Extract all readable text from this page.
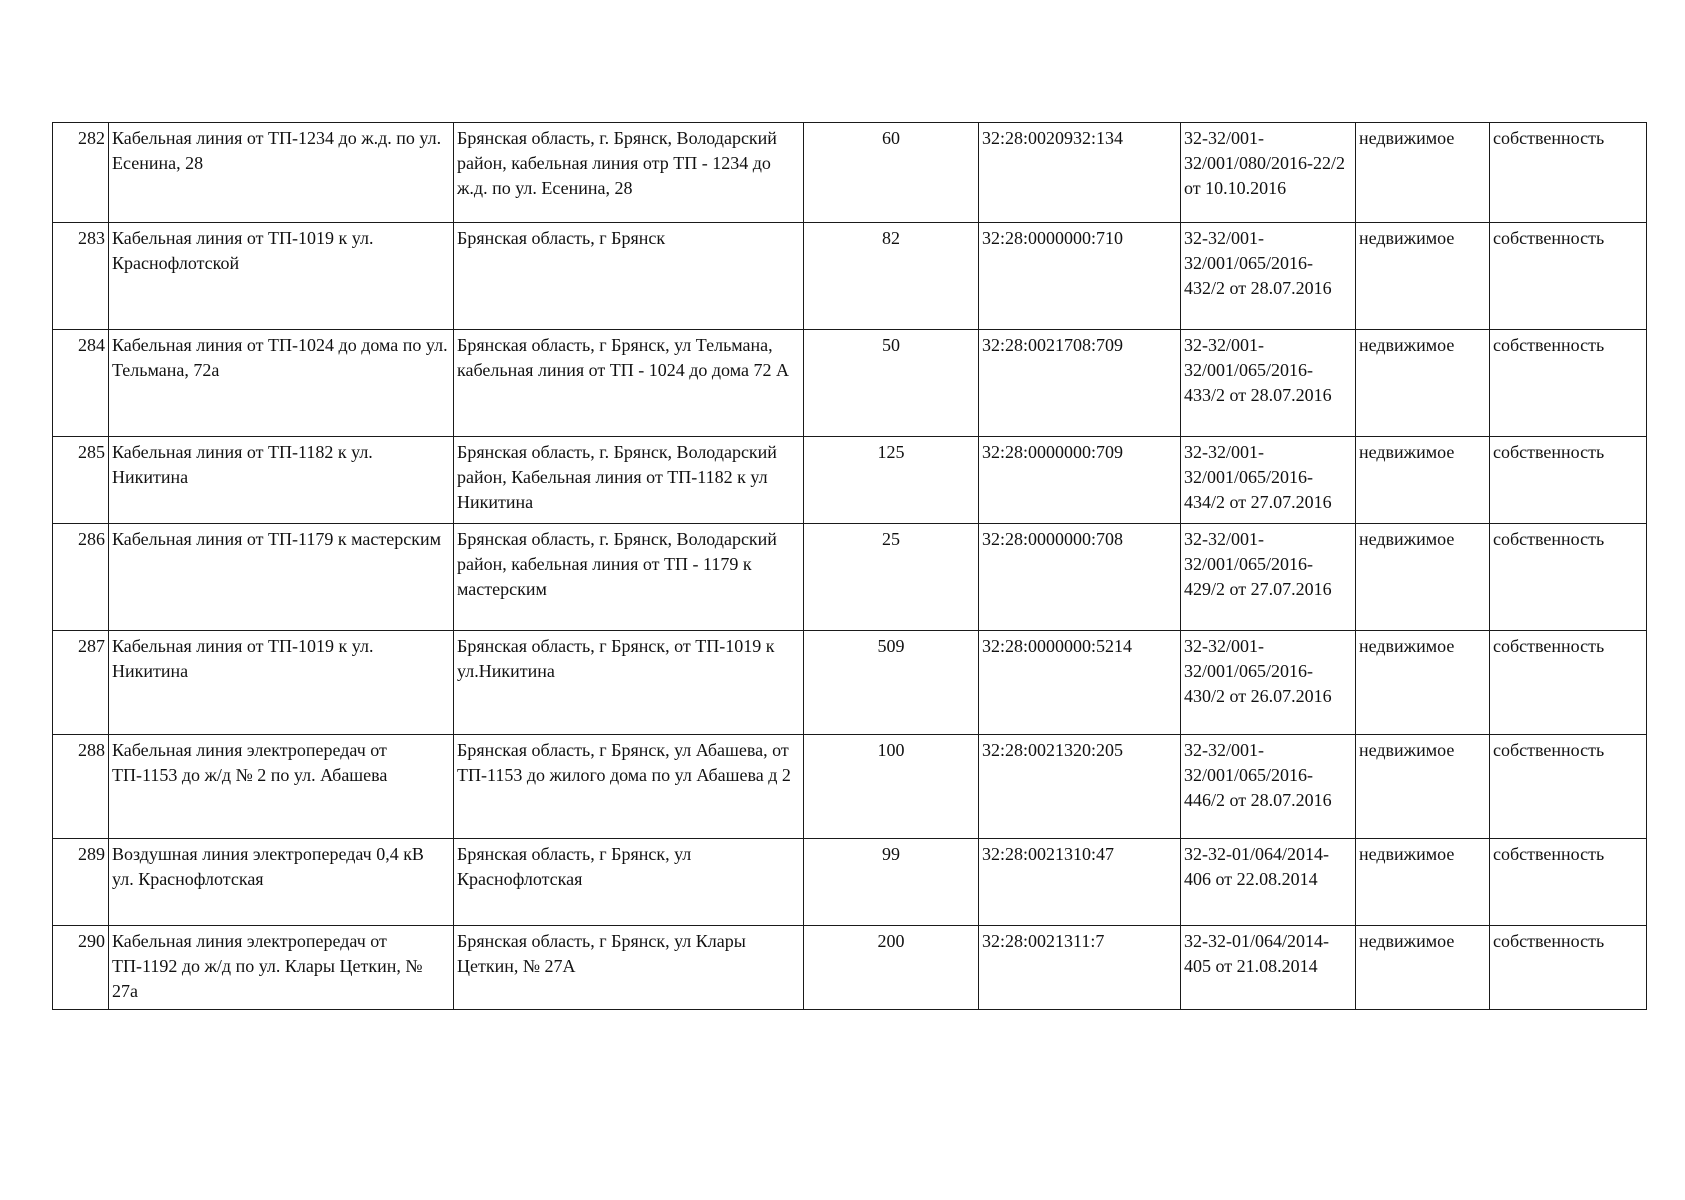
282	Кабельная линия от ТП-1234 до ж.д. по ул. Есенина, 28	Брянская область, г. Брянск, Володарский район, кабельная линия отр ТП - 1234 до ж.д. по ул. Есенина, 28	60	32:28:0020932:134	32-32/001-32/001/080/2016-22/2 от 10.10.2016	недвижимое	собственность
283	Кабельная линия от ТП-1019 к ул. Краснофлотской	Брянская область, г Брянск	82	32:28:0000000:710	32-32/001-32/001/065/2016-432/2 от 28.07.2016	недвижимое	собственность
284	Кабельная линия от ТП-1024 до дома по ул. Тельмана, 72а	Брянская область, г Брянск, ул Тельмана, кабельная линия от ТП - 1024 до дома 72 А	50	32:28:0021708:709	32-32/001-32/001/065/2016-433/2 от 28.07.2016	недвижимое	собственность
285	Кабельная линия от ТП-1182 к ул. Никитина	Брянская область, г. Брянск, Володарский район, Кабельная линия от ТП-1182 к ул Никитина	125	32:28:0000000:709	32-32/001-32/001/065/2016-434/2 от 27.07.2016	недвижимое	собственность
286	Кабельная линия от ТП-1179 к мастерским	Брянская область, г. Брянск, Володарский район, кабельная линия от ТП - 1179 к мастерским	25	32:28:0000000:708	32-32/001-32/001/065/2016-429/2 от 27.07.2016	недвижимое	собственность
287	Кабельная линия от ТП-1019 к ул. Никитина	Брянская область, г Брянск, от ТП-1019 к ул.Никитина	509	32:28:0000000:5214	32-32/001-32/001/065/2016-430/2 от 26.07.2016	недвижимое	собственность
288	Кабельная линия электропередач от ТП-1153 до ж/д № 2 по ул. Абашева	Брянская область, г Брянск, ул Абашева, от ТП-1153 до жилого дома по ул Абашева д 2	100	32:28:0021320:205	32-32/001-32/001/065/2016-446/2 от 28.07.2016	недвижимое	собственность
289	Воздушная линия электропередач 0,4 кВ ул. Краснофлотская	Брянская область, г Брянск, ул Краснофлотская	99	32:28:0021310:47	32-32-01/064/2014-406 от 22.08.2014	недвижимое	собственность
290	Кабельная линия электропередач от ТП-1192 до ж/д по ул. Клары Цеткин, № 27а	Брянская область, г Брянск, ул Клары Цеткин, № 27А	200	32:28:0021311:7	32-32-01/064/2014-405 от 21.08.2014	недвижимое	собственность
